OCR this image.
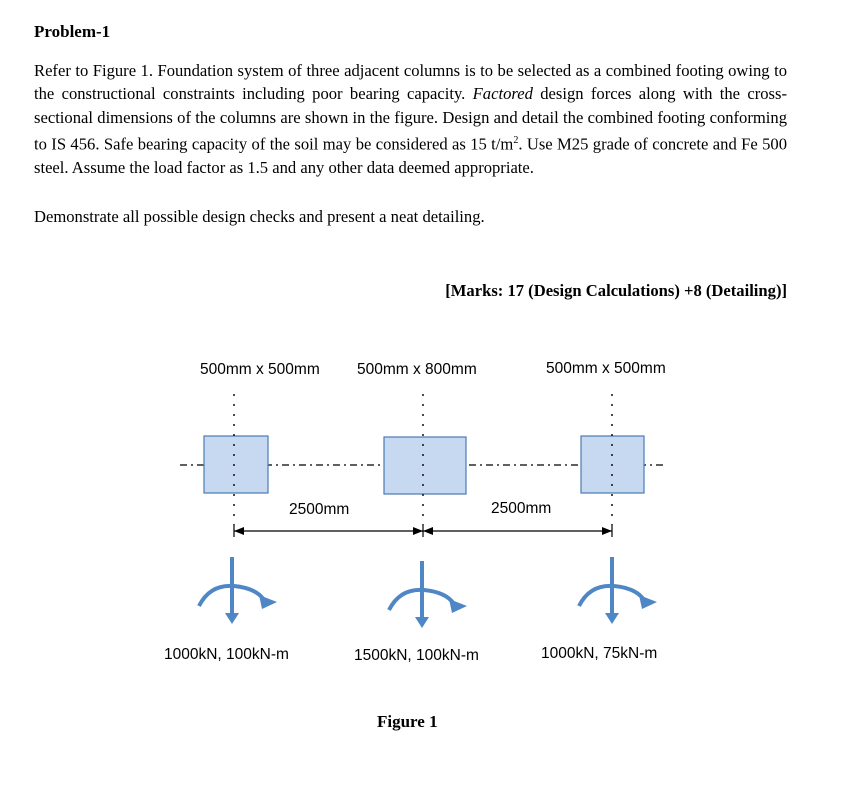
Problem-1
Refer to Figure 1. Foundation system of three adjacent columns is to be selected as a combined footing owing to the constructional constraints including poor bearing capacity. Factored design forces along with the cross-sectional dimensions of the columns are shown in the figure. Design and detail the combined footing conforming to IS 456. Safe bearing capacity of the soil may be considered as 15 $t/m^2$. Use M25 grade of concrete and Fe 500 steel. Assume the load factor as 1.5 and any other data deemed appropriate.
Demonstrate all possible design checks and present a neat detailing.
[Marks: 17 (Design Calculations) +8 (Detailing)]
500mm x 500mm 500mm x 800mm	500mm x 500mm
2500mm	2500mm
1000kN, 100kN-m	1500kN, 100kN-m	1000kN, 75kN-m
Figure 1
